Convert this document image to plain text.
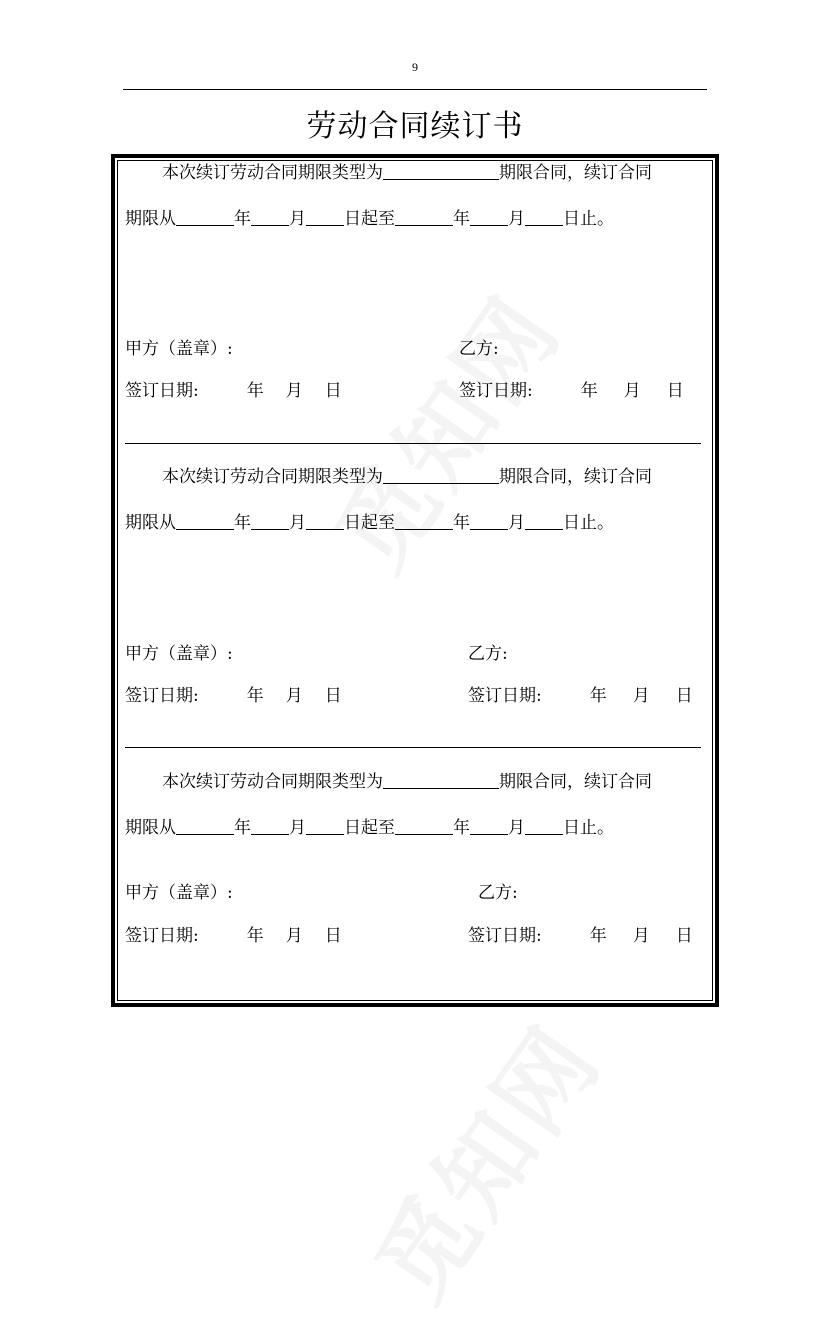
9
劳动合同续订书
本次续订劳动合同期限类型为	期限合同，续订合同
期限从	年 月 日起至	年 月 日止。
甲方（盖章）:	乙方:
签订日期:	年 月 日	签订日期:	年 月 日
本次续订劳动合同期限类型为	期限合同，续订合同
期限从	年 月 日起至	年 月 日止。
甲方（盖章）:	乙方:
签订日期:	年 月 日	签订日期:	年 月 日
本次续订劳动合同期限类型为	期限合同，续订合同
期限从	年 月 日起至	年 月 日止。
甲方（盖章）:	乙方:
签订日期:	年 月 日	签订日期:	年 月 日
